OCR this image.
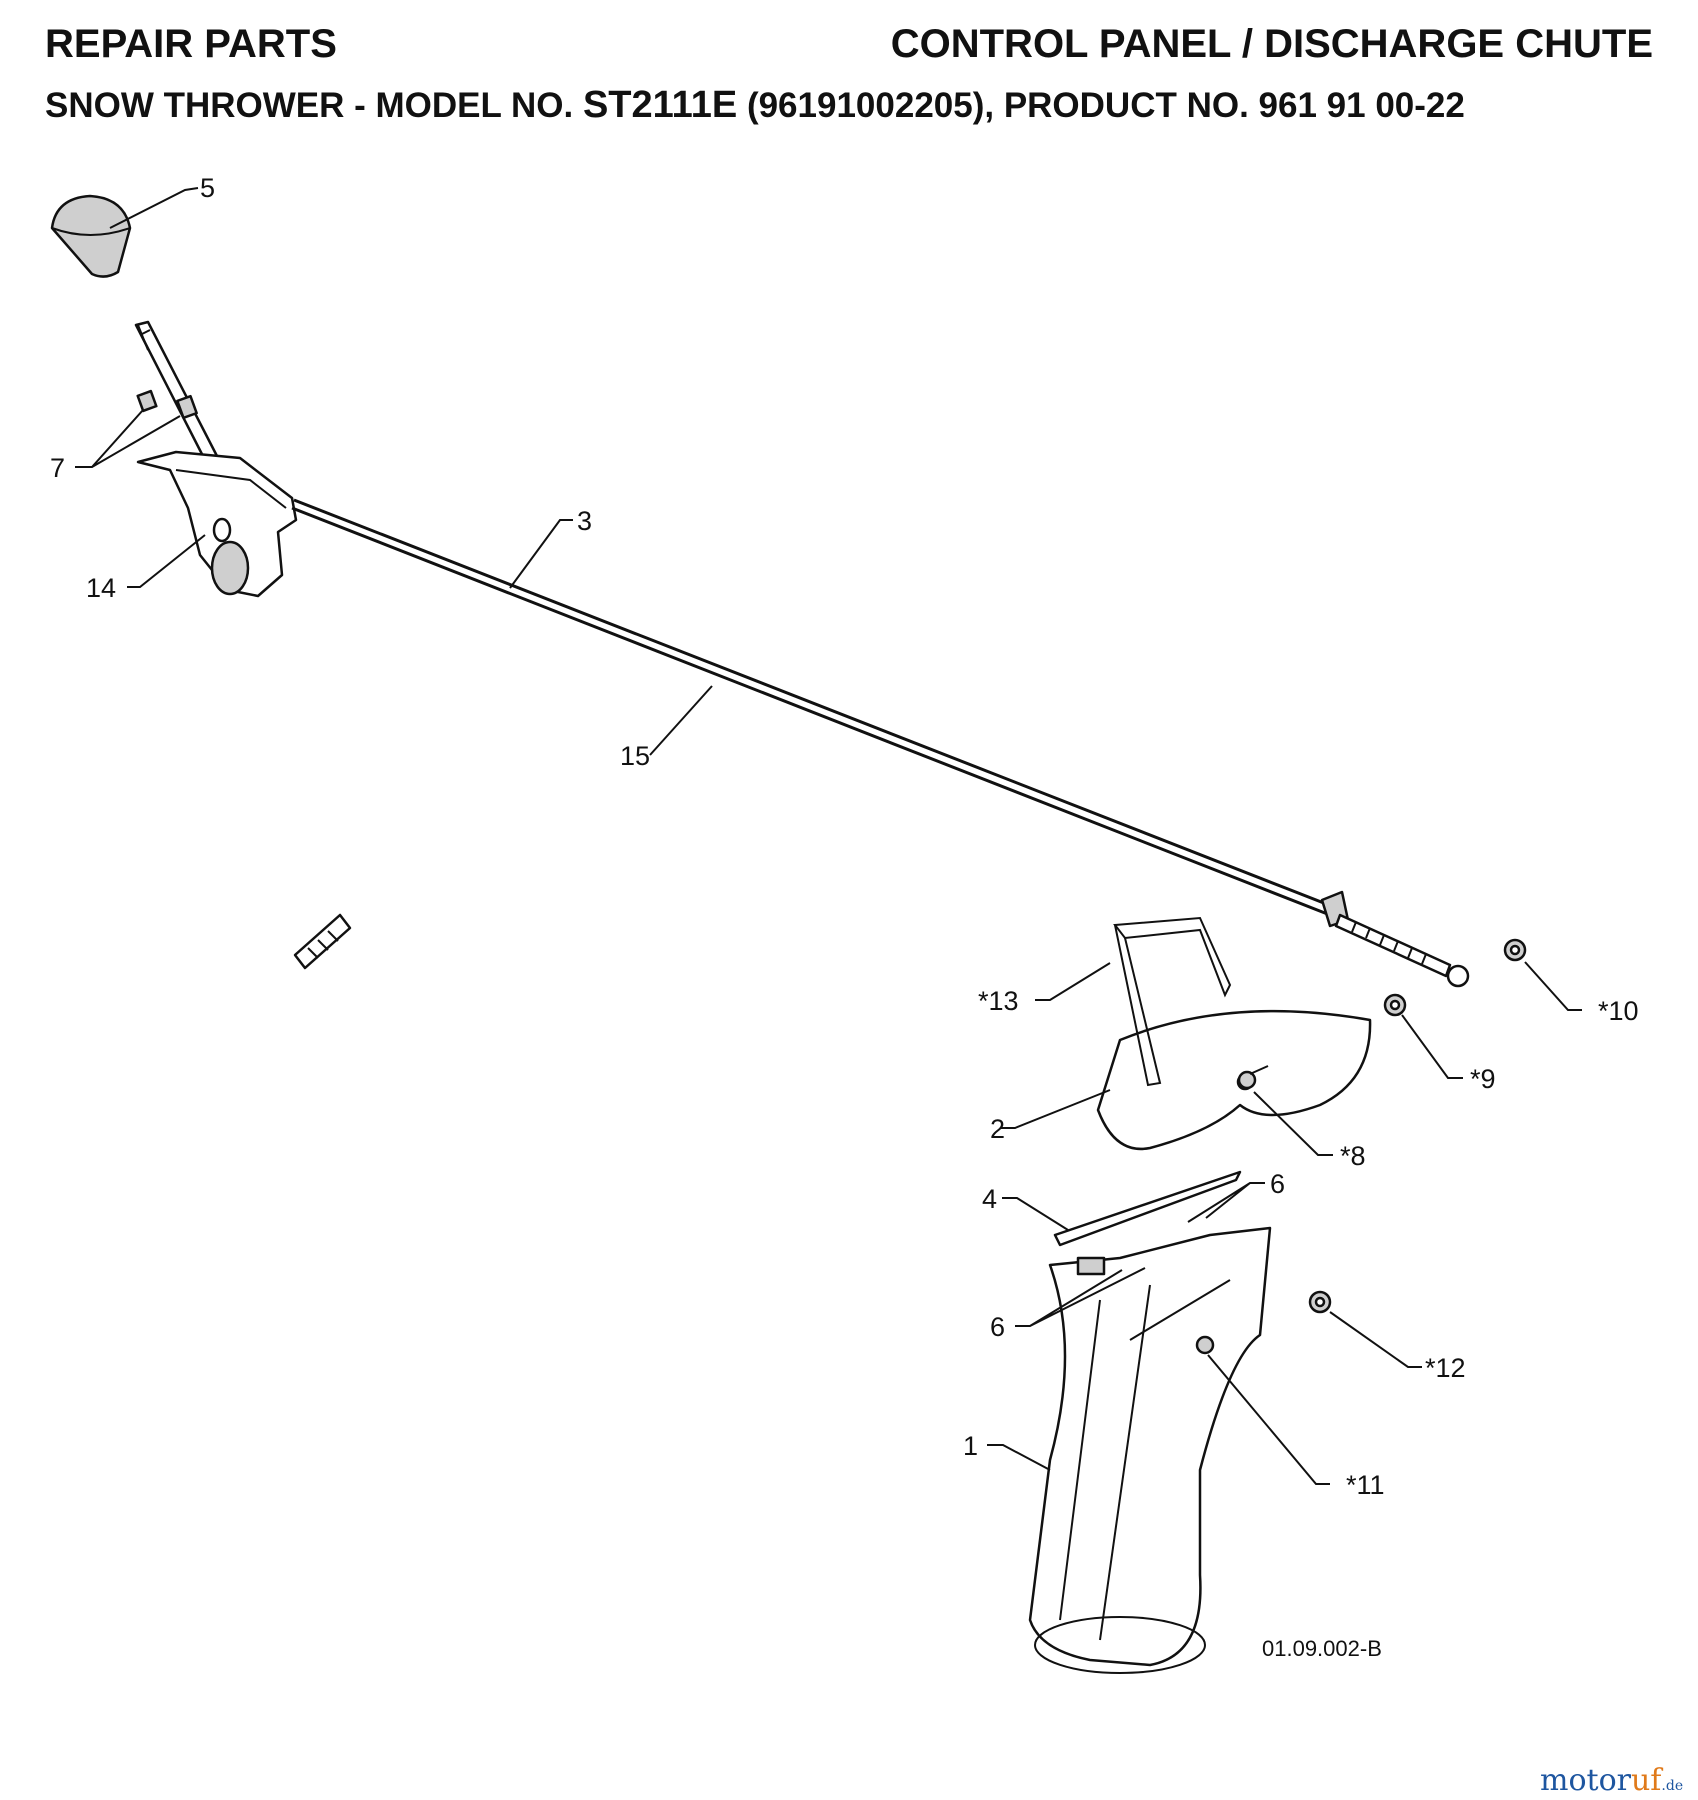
REPAIR PARTS	CONTROL PANEL / DISCHARGE CHUTE
SNOW THROWER - MODEL NO. ST2111E (96191002205), PRODUCT NO. 961 91 00-22
5
7
14
3
15
*13	*10
*9
2
*8
4	6
6
*12
1
*11
01.09.002-B
motoruf.de
